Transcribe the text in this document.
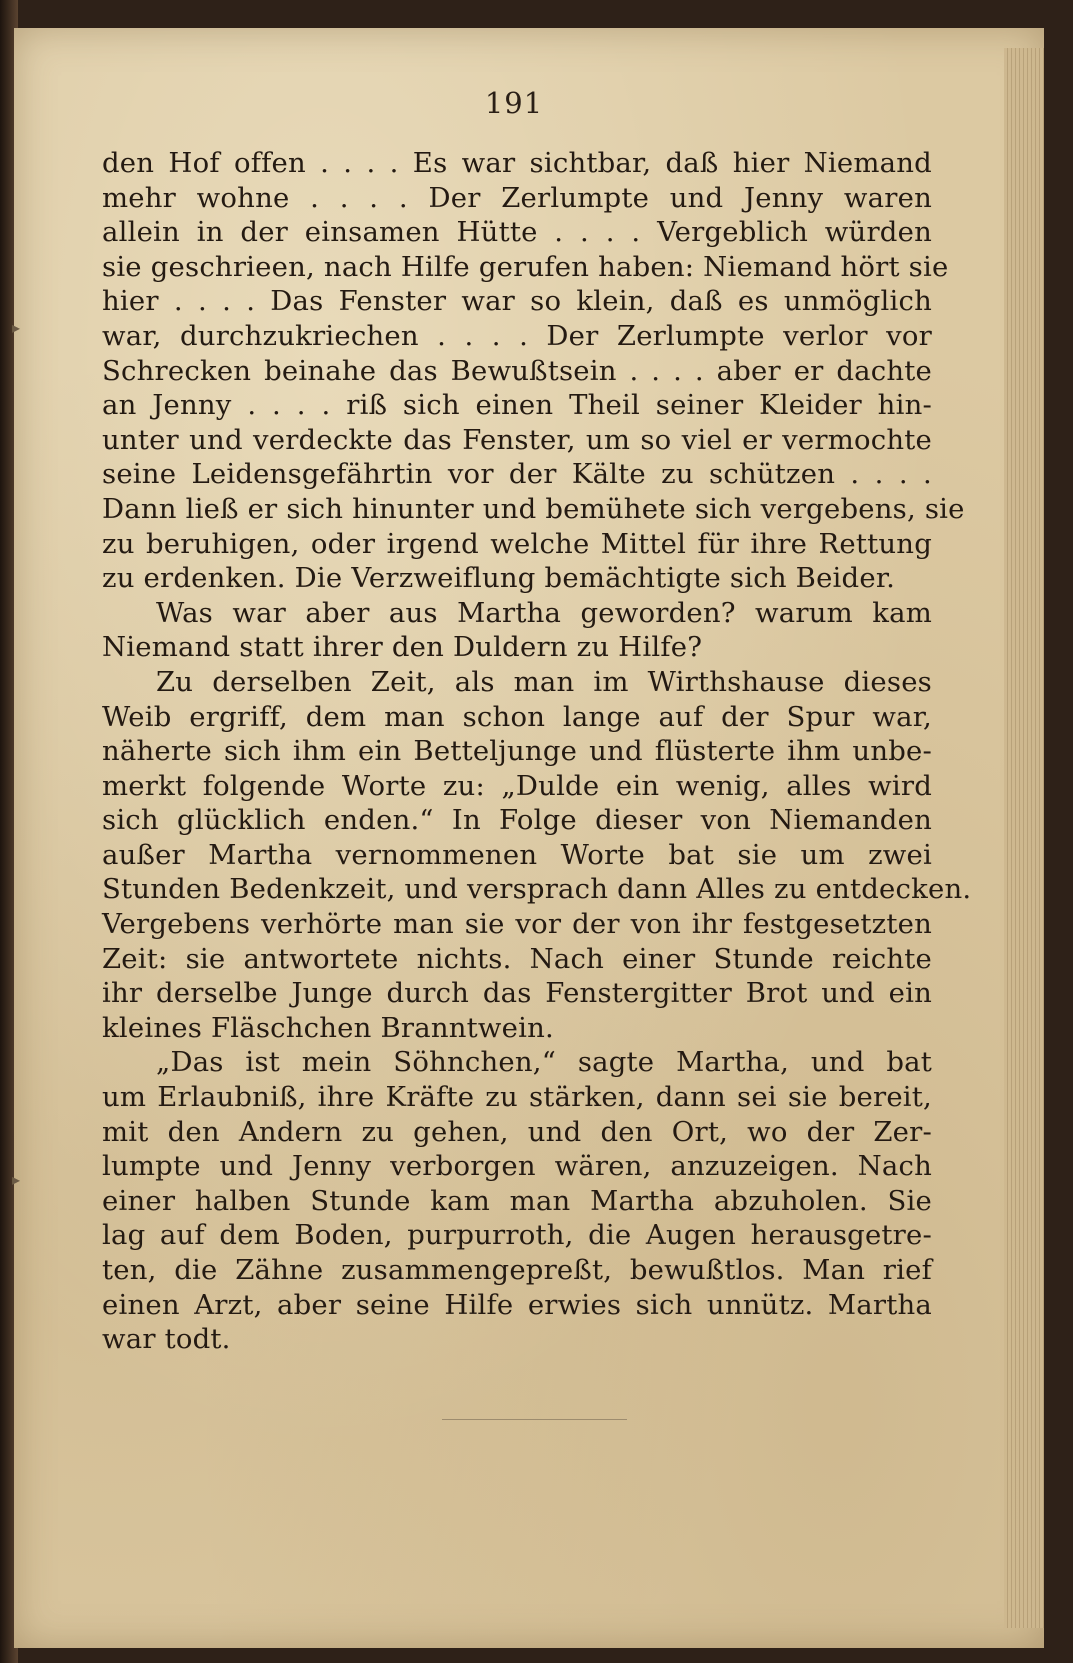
191
den Hof offen . . . . Es war sichtbar, daß hier Niemand
mehr wohne . . . . Der Zerlumpte und Jenny waren
allein in der einsamen Hütte . . . . Vergeblich würden
sie geschrieen, nach Hilfe gerufen haben: Niemand hört sie
hier . . . . Das Fenster war so klein, daß es unmöglich
war, durchzukriechen . . . . Der Zerlumpte verlor vor
Schrecken beinahe das Bewußtsein . . . . aber er dachte
an Jenny . . . . riß sich einen Theil seiner Kleider hin-
unter und verdeckte das Fenster, um so viel er vermochte
seine Leidensgefährtin vor der Kälte zu schützen . . . .
Dann ließ er sich hinunter und bemühete sich vergebens, sie
zu beruhigen, oder irgend welche Mittel für ihre Rettung
zu erdenken. Die Verzweiflung bemächtigte sich Beider.
Was war aber aus Martha geworden? warum kam
Niemand statt ihrer den Duldern zu Hilfe?
Zu derselben Zeit, als man im Wirthshause dieses
Weib ergriff, dem man schon lange auf der Spur war,
näherte sich ihm ein Betteljunge und flüsterte ihm unbe-
merkt folgende Worte zu: „Dulde ein wenig, alles wird
sich glücklich enden.“ In Folge dieser von Niemanden
außer Martha vernommenen Worte bat sie um zwei
Stunden Bedenkzeit, und versprach dann Alles zu entdecken.
Vergebens verhörte man sie vor der von ihr festgesetzten
Zeit: sie antwortete nichts. Nach einer Stunde reichte
ihr derselbe Junge durch das Fenstergitter Brot und ein
kleines Fläschchen Branntwein.
„Das ist mein Söhnchen,“ sagte Martha, und bat
um Erlaubniß, ihre Kräfte zu stärken, dann sei sie bereit,
mit den Andern zu gehen, und den Ort, wo der Zer-
lumpte und Jenny verborgen wären, anzuzeigen. Nach
einer halben Stunde kam man Martha abzuholen. Sie
lag auf dem Boden, purpurroth, die Augen herausgetre-
ten, die Zähne zusammengepreßt, bewußtlos. Man rief
einen Arzt, aber seine Hilfe erwies sich unnütz. Martha
war todt.
▸
▸
